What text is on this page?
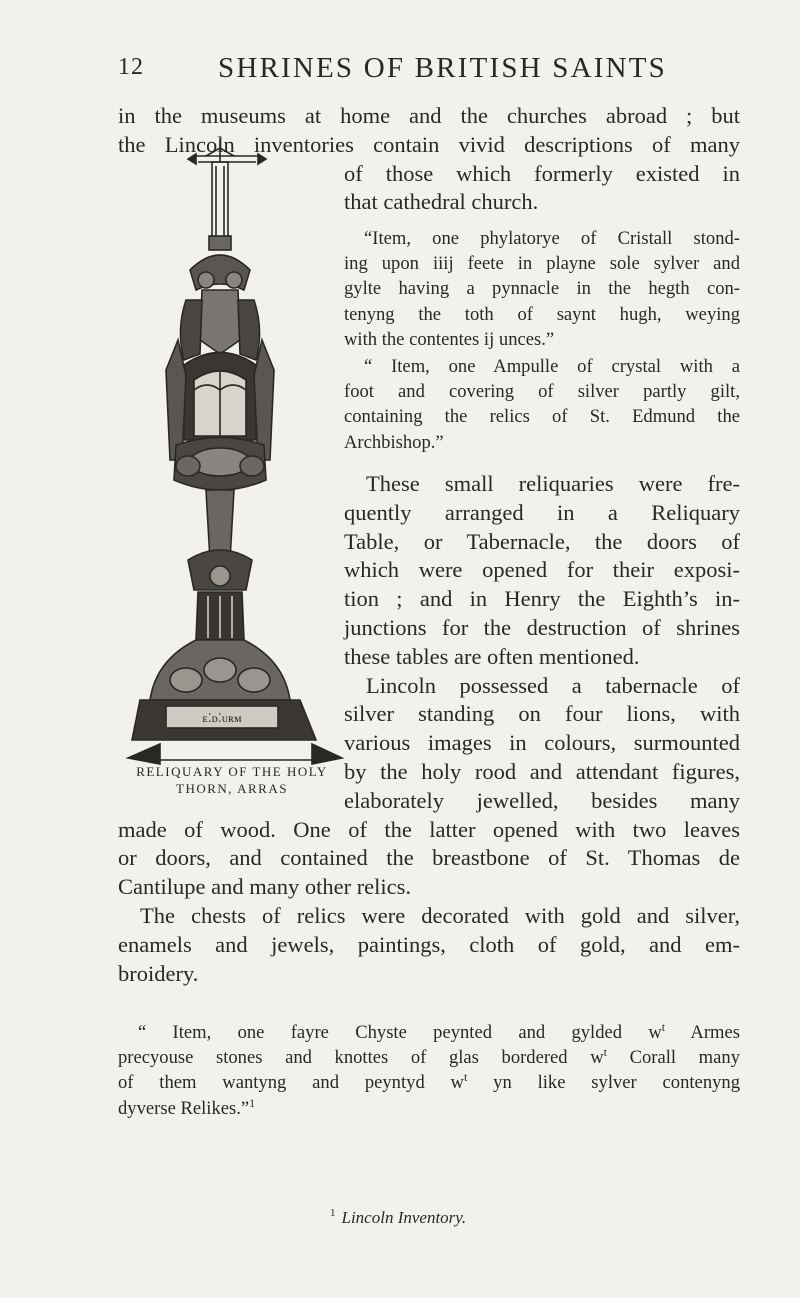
12	SHRINES OF BRITISH SAINTS
ᴇ⁚ᴅ⁚ᴜʀᴍ
RELIQUARY OF THE HOLY
THORN, ARRAS
in the museums at home and the churches abroad ; but
the Lincoln inventories contain vivid descriptions of many
of those which formerly existed in
that cathedral church.
“Item, one phylatorye of Cristall stond-
ing upon iiij feete in playne sole sylver and
gylte having a pynnacle in the hegth con-
tenyng the toth of saynt hugh, weying
with the contentes ij unces.”
“ Item, one Ampulle of crystal with a
foot and covering of silver partly gilt,
containing the relics of St. Edmund the
Archbishop.”
These small reliquaries were fre-
quently arranged in a Reliquary
Table, or Tabernacle, the doors of
which were opened for their exposi-
tion ; and in Henry the Eighth’s in-
junctions for the destruction of shrines
these tables are often mentioned.
Lincoln possessed a tabernacle of
silver standing on four lions, with
various images in colours, surmounted
by the holy rood and attendant figures,
elaborately jewelled, besides many
made of wood. One of the latter opened with two leaves
or doors, and contained the breastbone of St. Thomas de
Cantilupe and many other relics.
The chests of relics were decorated with gold and silver,
enamels and jewels, paintings, cloth of gold, and em-
broidery.
“ Item, one fayre Chyste peynted and gylded $w^t$ Armes
precyouse stones and knottes of glas bordered $w^t$ Corall many
of them wantyng and peyntyd $w^t$ yn like sylver contenyng
dyverse Relikes.”$^1$
$^1$ Lincoln Inventory.
